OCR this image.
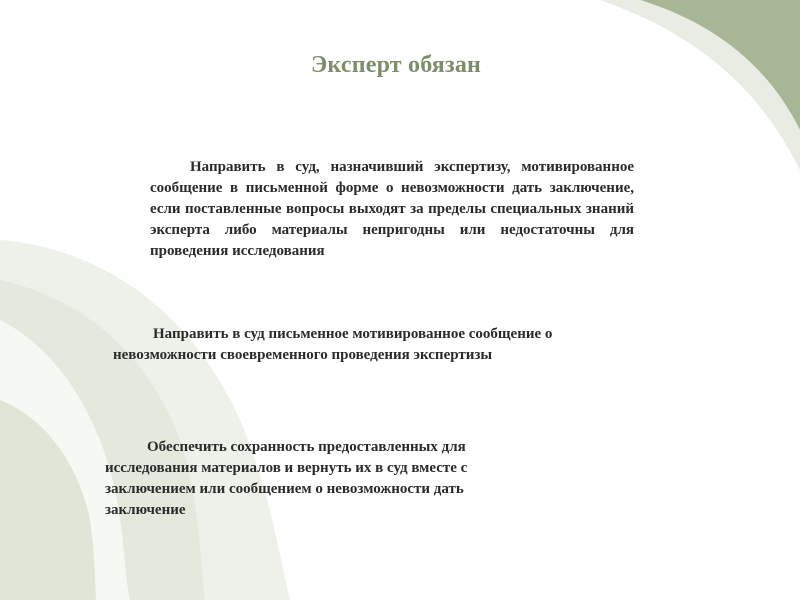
Эксперт обязан
Направить в суд, назначивший экспертизу, мотивированное сообщение в письменной форме о невозможности дать заключение, если поставленные вопросы выходят за пределы специальных знаний эксперта либо материалы непригодны или недостаточны для проведения исследования
Направить в суд письменное мотивированное сообщение о невозможности своевременного проведения экспертизы
Обеспечить сохранность предоставленных для исследования материалов и вернуть их в суд вместе с заключением или сообщением о невозможности дать заключение
